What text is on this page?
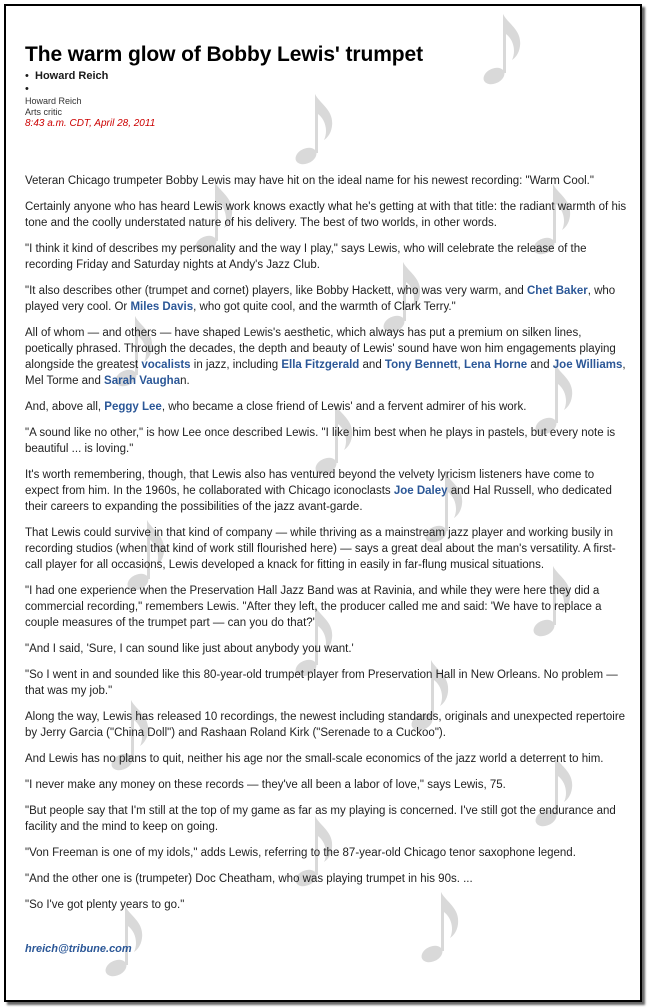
The warm glow of Bobby Lewis' trumpet
• Howard Reich
•
Howard Reich
Arts critic
8:43 a.m. CDT, April 28, 2011

Veteran Chicago trumpeter Bobby Lewis may have hit on the ideal name for his newest recording: "Warm Cool."

Certainly anyone who has heard Lewis work knows exactly what he's getting at with that title: the radiant warmth of his tone and the coolly understated nature of his delivery. The best of two worlds, in other words.

"I think it kind of describes my personality and the way I play," says Lewis, who will celebrate the release of the recording Friday and Saturday nights at Andy's Jazz Club.

"It also describes other (trumpet and cornet) players, like Bobby Hackett, who was very warm, and Chet Baker, who played very cool. Or Miles Davis, who got quite cool, and the warmth of Clark Terry."

All of whom — and others — have shaped Lewis's aesthetic, which always has put a premium on silken lines, poetically phrased. Through the decades, the depth and beauty of Lewis' sound have won him engagements playing alongside the greatest vocalists in jazz, including Ella Fitzgerald and Tony Bennett, Lena Horne and Joe Williams, Mel Torme and Sarah Vaughan.

And, above all, Peggy Lee, who became a close friend of Lewis' and a fervent admirer of his work.

"A sound like no other," is how Lee once described Lewis. "I like him best when he plays in pastels, but every note is beautiful ... is loving."

It's worth remembering, though, that Lewis also has ventured beyond the velvety lyricism listeners have come to expect from him. In the 1960s, he collaborated with Chicago iconoclasts Joe Daley and Hal Russell, who dedicated their careers to expanding the possibilities of the jazz avant-garde.

That Lewis could survive in that kind of company — while thriving as a mainstream jazz player and working busily in recording studios (when that kind of work still flourished here) — says a great deal about the man's versatility. A first-call player for all occasions, Lewis developed a knack for fitting in easily in far-flung musical situations.

"I had one experience when the Preservation Hall Jazz Band was at Ravinia, and while they were here they did a commercial recording," remembers Lewis. "After they left, the producer called me and said: 'We have to replace a couple measures of the trumpet part — can you do that?'

"And I said, 'Sure, I can sound like just about anybody you want.'

"So I went in and sounded like this 80-year-old trumpet player from Preservation Hall in New Orleans. No problem — that was my job."

Along the way, Lewis has released 10 recordings, the newest including standards, originals and unexpected repertoire by Jerry Garcia ("China Doll") and Rashaan Roland Kirk ("Serenade to a Cuckoo").

And Lewis has no plans to quit, neither his age nor the small-scale economics of the jazz world a deterrent to him.

"I never make any money on these records — they've all been a labor of love," says Lewis, 75.

"But people say that I'm still at the top of my game as far as my playing is concerned. I've still got the endurance and facility and the mind to keep on going.

"Von Freeman is one of my idols," adds Lewis, referring to the 87-year-old Chicago tenor saxophone legend.

"And the other one is (trumpeter) Doc Cheatham, who was playing trumpet in his 90s. ...

"So I've got plenty years to go."

hreich@tribune.com
